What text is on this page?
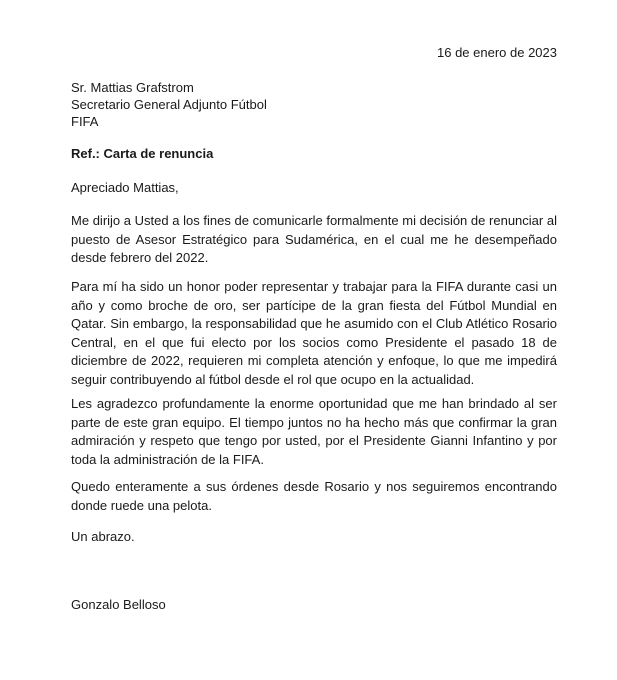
16 de enero de 2023

Sr. Mattias Grafstrom
Secretario General Adjunto Fútbol
FIFA

Ref.: Carta de renuncia

Apreciado Mattias,

Me dirijo a Usted a los fines de comunicarle formalmente mi decisión de renunciar al puesto de Asesor Estratégico para Sudamérica, en el cual me he desempeñado desde febrero del 2022.

Para mí ha sido un honor poder representar y trabajar para la FIFA durante casi un año y como broche de oro, ser partícipe de la gran fiesta del Fútbol Mundial en Qatar. Sin embargo, la responsabilidad que he asumido con el Club Atlético Rosario Central, en el que fui electo por los socios como Presidente el pasado 18 de diciembre de 2022, requieren mi completa atención y enfoque, lo que me impedirá seguir contribuyendo al fútbol desde el rol que ocupo en la actualidad.

Les agradezco profundamente la enorme oportunidad que me han brindado al ser parte de este gran equipo. El tiempo juntos no ha hecho más que confirmar la gran admiración y respeto que tengo por usted, por el Presidente Gianni Infantino y por toda la administración de la FIFA.

Quedo enteramente a sus órdenes desde Rosario y nos seguiremos encontrando donde ruede una pelota.

Un abrazo.

Gonzalo Belloso
